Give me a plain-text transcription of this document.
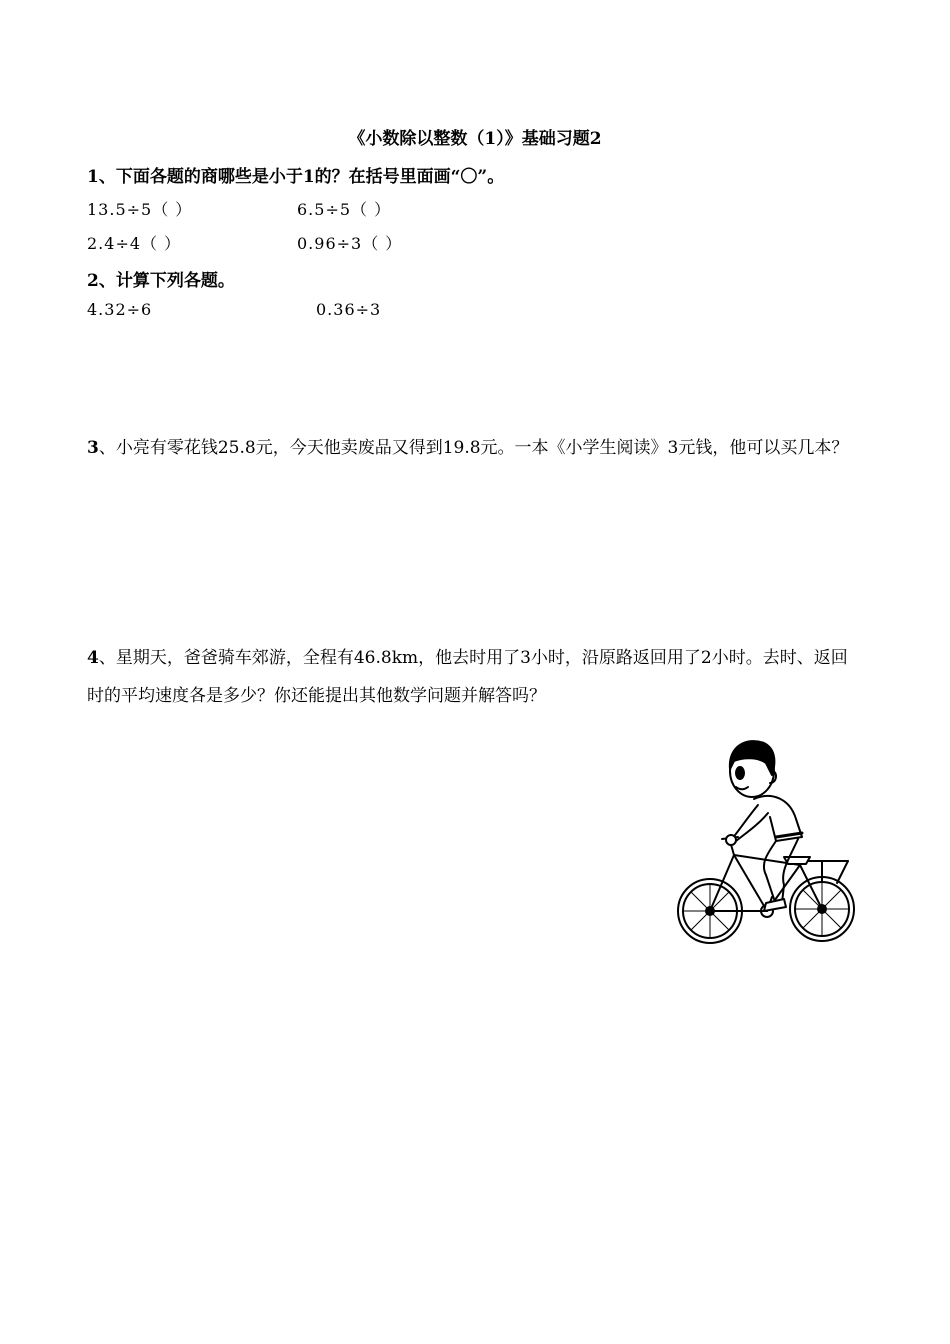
《小数除以整数（1）》基础习题2
1、下面各题的商哪些是小于1的？在括号里面画“〇”。
13.5÷5（ ）	6.5÷5（ ）
2.4÷4（ ）	0.96÷3（ ）
2、计算下列各题。
4.32÷6	0.36÷3
3、小亮有零花钱25.8元，今天他卖废品又得到19.8元。一本《小学生阅读》3元钱，他可以买几本？
4、星期天，爸爸骑车郊游，全程有46.8km，他去时用了3小时，沿原路返回用了2小时。去时、返回时的平均速度各是多少？你还能提出其他数学问题并解答吗？
